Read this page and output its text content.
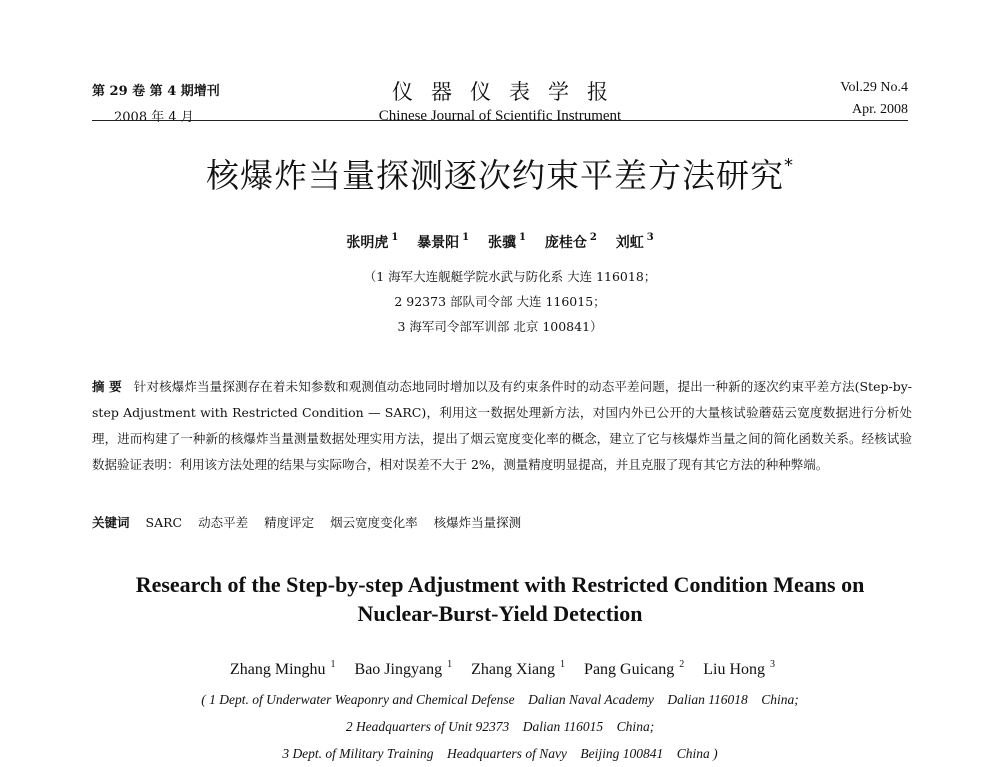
第 29 卷 第 4 期增刊
2008 年 4 月
仪器仪表学报
Chinese Journal of Scientific Instrument
Vol.29 No.4
Apr. 2008
核爆炸当量探测逐次约束平差方法研究*
张明虎 $^1$ 暴景阳 $^1$ 张骥 $^1$ 庞桂仓 $^2$ 刘虹 $^3$
（1 海军大连舰艇学院水武与防化系 大连 116018；
2 92373 部队司令部 大连 116015；
3 海军司令部军训部 北京 100841）
摘 要 针对核爆炸当量探测存在着未知参数和观测值动态地同时增加以及有约束条件时的动态平差问题，提出一种新的逐次约束平差方法(Step-by-step Adjustment with Restricted Condition — SARC)，利用这一数据处理新方法，对国内外已公开的大量核试验蘑菇云宽度数据进行分析处理，进而构建了一种新的核爆炸当量测量数据处理实用方法，提出了烟云宽度变化率的概念，建立了它与核爆炸当量之间的简化函数关系。经核试验数据验证表明：利用该方法处理的结果与实际吻合，相对误差不大于 2%，测量精度明显提高，并且克服了现有其它方法的种种弊端。
关键词 SARC 动态平差 精度评定 烟云宽度变化率 核爆炸当量探测
Research of the Step-by-step Adjustment with Restricted Condition Means on
Nuclear-Burst-Yield Detection
Zhang Minghu $^1$ Bao Jingyang $^1$ Zhang Xiang $^1$ Pang Guicang $^2$ Liu Hong $^3$
( 1 Dept. of Underwater Weaponry and Chemical Defense    Dalian Naval Academy    Dalian 116018    China;
2 Headquarters of Unit 92373    Dalian 116015    China;
3 Dept. of Military Training    Headquarters of Navy    Beijing 100841    China )
